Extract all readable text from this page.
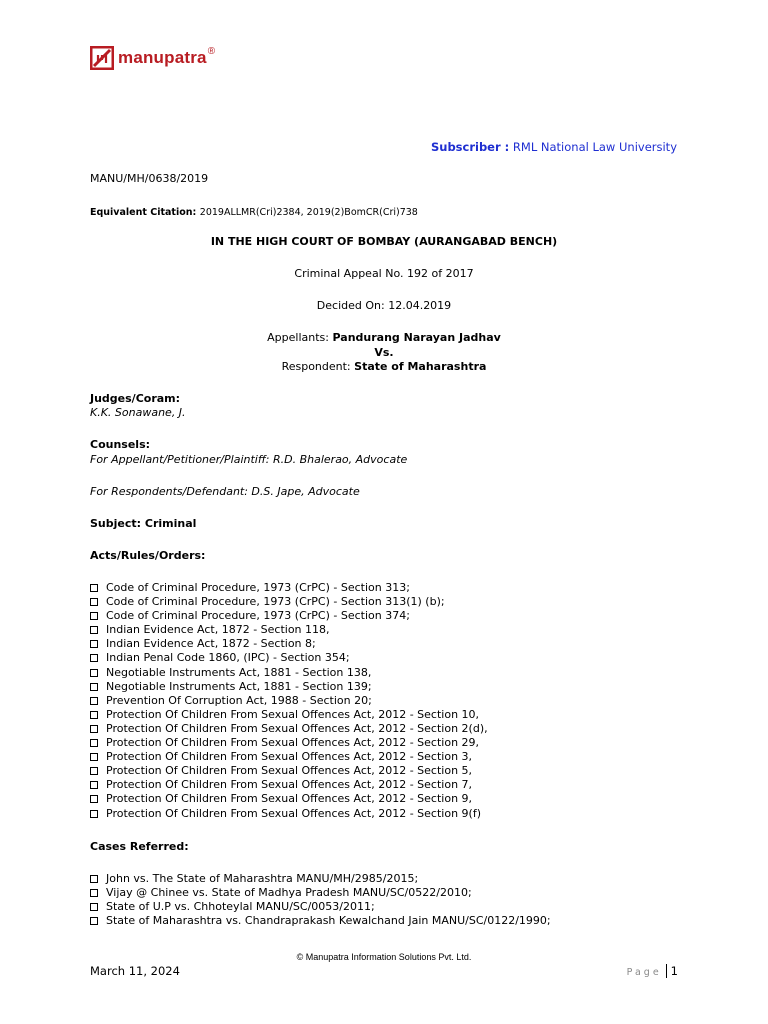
manupatra ®
Subscriber : RML National Law University
MANU/MH/0638/2019
Equivalent Citation: 2019ALLMR(Cri)2384, 2019(2)BomCR(Cri)738
IN THE HIGH COURT OF BOMBAY (AURANGABAD BENCH)
Criminal Appeal No. 192 of 2017
Decided On: 12.04.2019
Appellants: Pandurang Narayan Jadhav
Vs.
Respondent: State of Maharashtra
Judges/Coram:
K.K. Sonawane, J.
Counsels:
For Appellant/Petitioner/Plaintiff: R.D. Bhalerao, Advocate
For Respondents/Defendant: D.S. Jape, Advocate
Subject: Criminal
Acts/Rules/Orders:
Code of Criminal Procedure, 1973 (CrPC) - Section 313;
Code of Criminal Procedure, 1973 (CrPC) - Section 313(1) (b);
Code of Criminal Procedure, 1973 (CrPC) - Section 374;
Indian Evidence Act, 1872 - Section 118,
Indian Evidence Act, 1872 - Section 8;
Indian Penal Code 1860, (IPC) - Section 354;
Negotiable Instruments Act, 1881 - Section 138,
Negotiable Instruments Act, 1881 - Section 139;
Prevention Of Corruption Act, 1988 - Section 20;
Protection Of Children From Sexual Offences Act, 2012 - Section 10,
Protection Of Children From Sexual Offences Act, 2012 - Section 2(d),
Protection Of Children From Sexual Offences Act, 2012 - Section 29,
Protection Of Children From Sexual Offences Act, 2012 - Section 3,
Protection Of Children From Sexual Offences Act, 2012 - Section 5,
Protection Of Children From Sexual Offences Act, 2012 - Section 7,
Protection Of Children From Sexual Offences Act, 2012 - Section 9,
Protection Of Children From Sexual Offences Act, 2012 - Section 9(f)
Cases Referred:
John vs. The State of Maharashtra MANU/MH/2985/2015;
Vijay @ Chinee vs. State of Madhya Pradesh MANU/SC/0522/2010;
State of U.P vs. Chhoteylal MANU/SC/0053/2011;
State of Maharashtra vs. Chandraprakash Kewalchand Jain MANU/SC/0122/1990;
© Manupatra Information Solutions Pvt. Ltd.
March 11, 2024	Page 1
